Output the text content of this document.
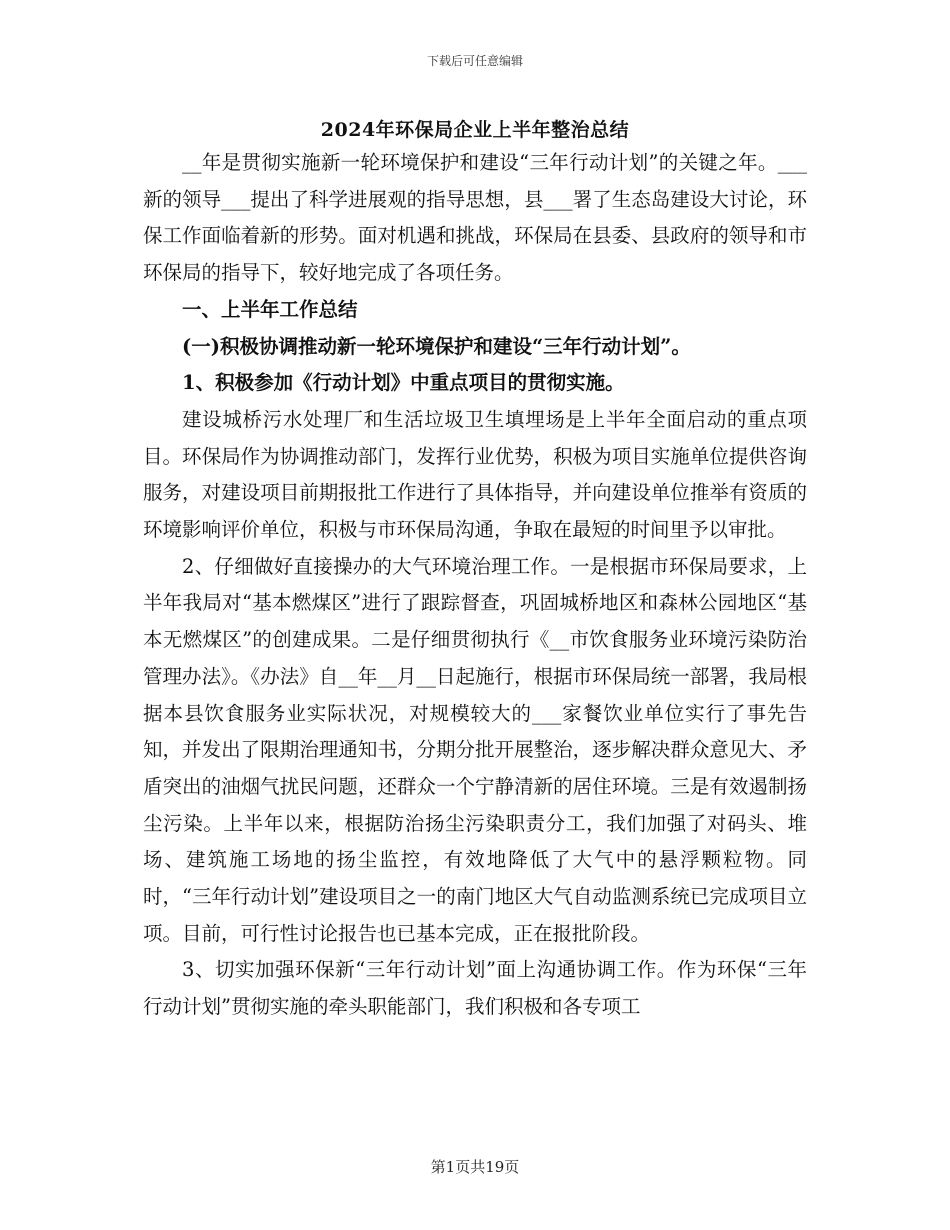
下载后可任意编辑
2024年环保局企业上半年整治总结

__年是贯彻实施新一轮环境保护和建设“三年行动计划”的关键之年。___新的领导___提出了科学进展观的指导思想，县___署了生态岛建设大讨论，环保工作面临着新的形势。面对机遇和挑战，环保局在县委、县政府的领导和市环保局的指导下，较好地完成了各项任务。

一、上半年工作总结

(一)积极协调推动新一轮环境保护和建设“三年行动计划”。

1、积极参加《行动计划》中重点项目的贯彻实施。

建设城桥污水处理厂和生活垃圾卫生填埋场是上半年全面启动的重点项目。环保局作为协调推动部门，发挥行业优势，积极为项目实施单位提供咨询服务，对建设项目前期报批工作进行了具体指导，并向建设单位推举有资质的环境影响评价单位，积极与市环保局沟通，争取在最短的时间里予以审批。

2、仔细做好直接操办的大气环境治理工作。一是根据市环保局要求，上半年我局对“基本燃煤区”进行了跟踪督查，巩固城桥地区和森林公园地区“基本无燃煤区”的创建成果。二是仔细贯彻执行《__市饮食服务业环境污染防治管理办法》。《办法》自__年__月__日起施行，根据市环保局统一部署，我局根据本县饮食服务业实际状况，对规模较大的___家餐饮业单位实行了事先告知，并发出了限期治理通知书，分期分批开展整治，逐步解决群众意见大、矛盾突出的油烟气扰民问题，还群众一个宁静清新的居住环境。三是有效遏制扬尘污染。上半年以来，根据防治扬尘污染职责分工，我们加强了对码头、堆场、建筑施工场地的扬尘监控，有效地降低了大气中的悬浮颗粒物。同时，“三年行动计划”建设项目之一的南门地区大气自动监测系统已完成项目立项。目前，可行性讨论报告也已基本完成，正在报批阶段。

3、切实加强环保新“三年行动计划”面上沟通协调工作。作为环保“三年行动计划”贯彻实施的牵头职能部门，我们积极和各专项工

第1页共19页
